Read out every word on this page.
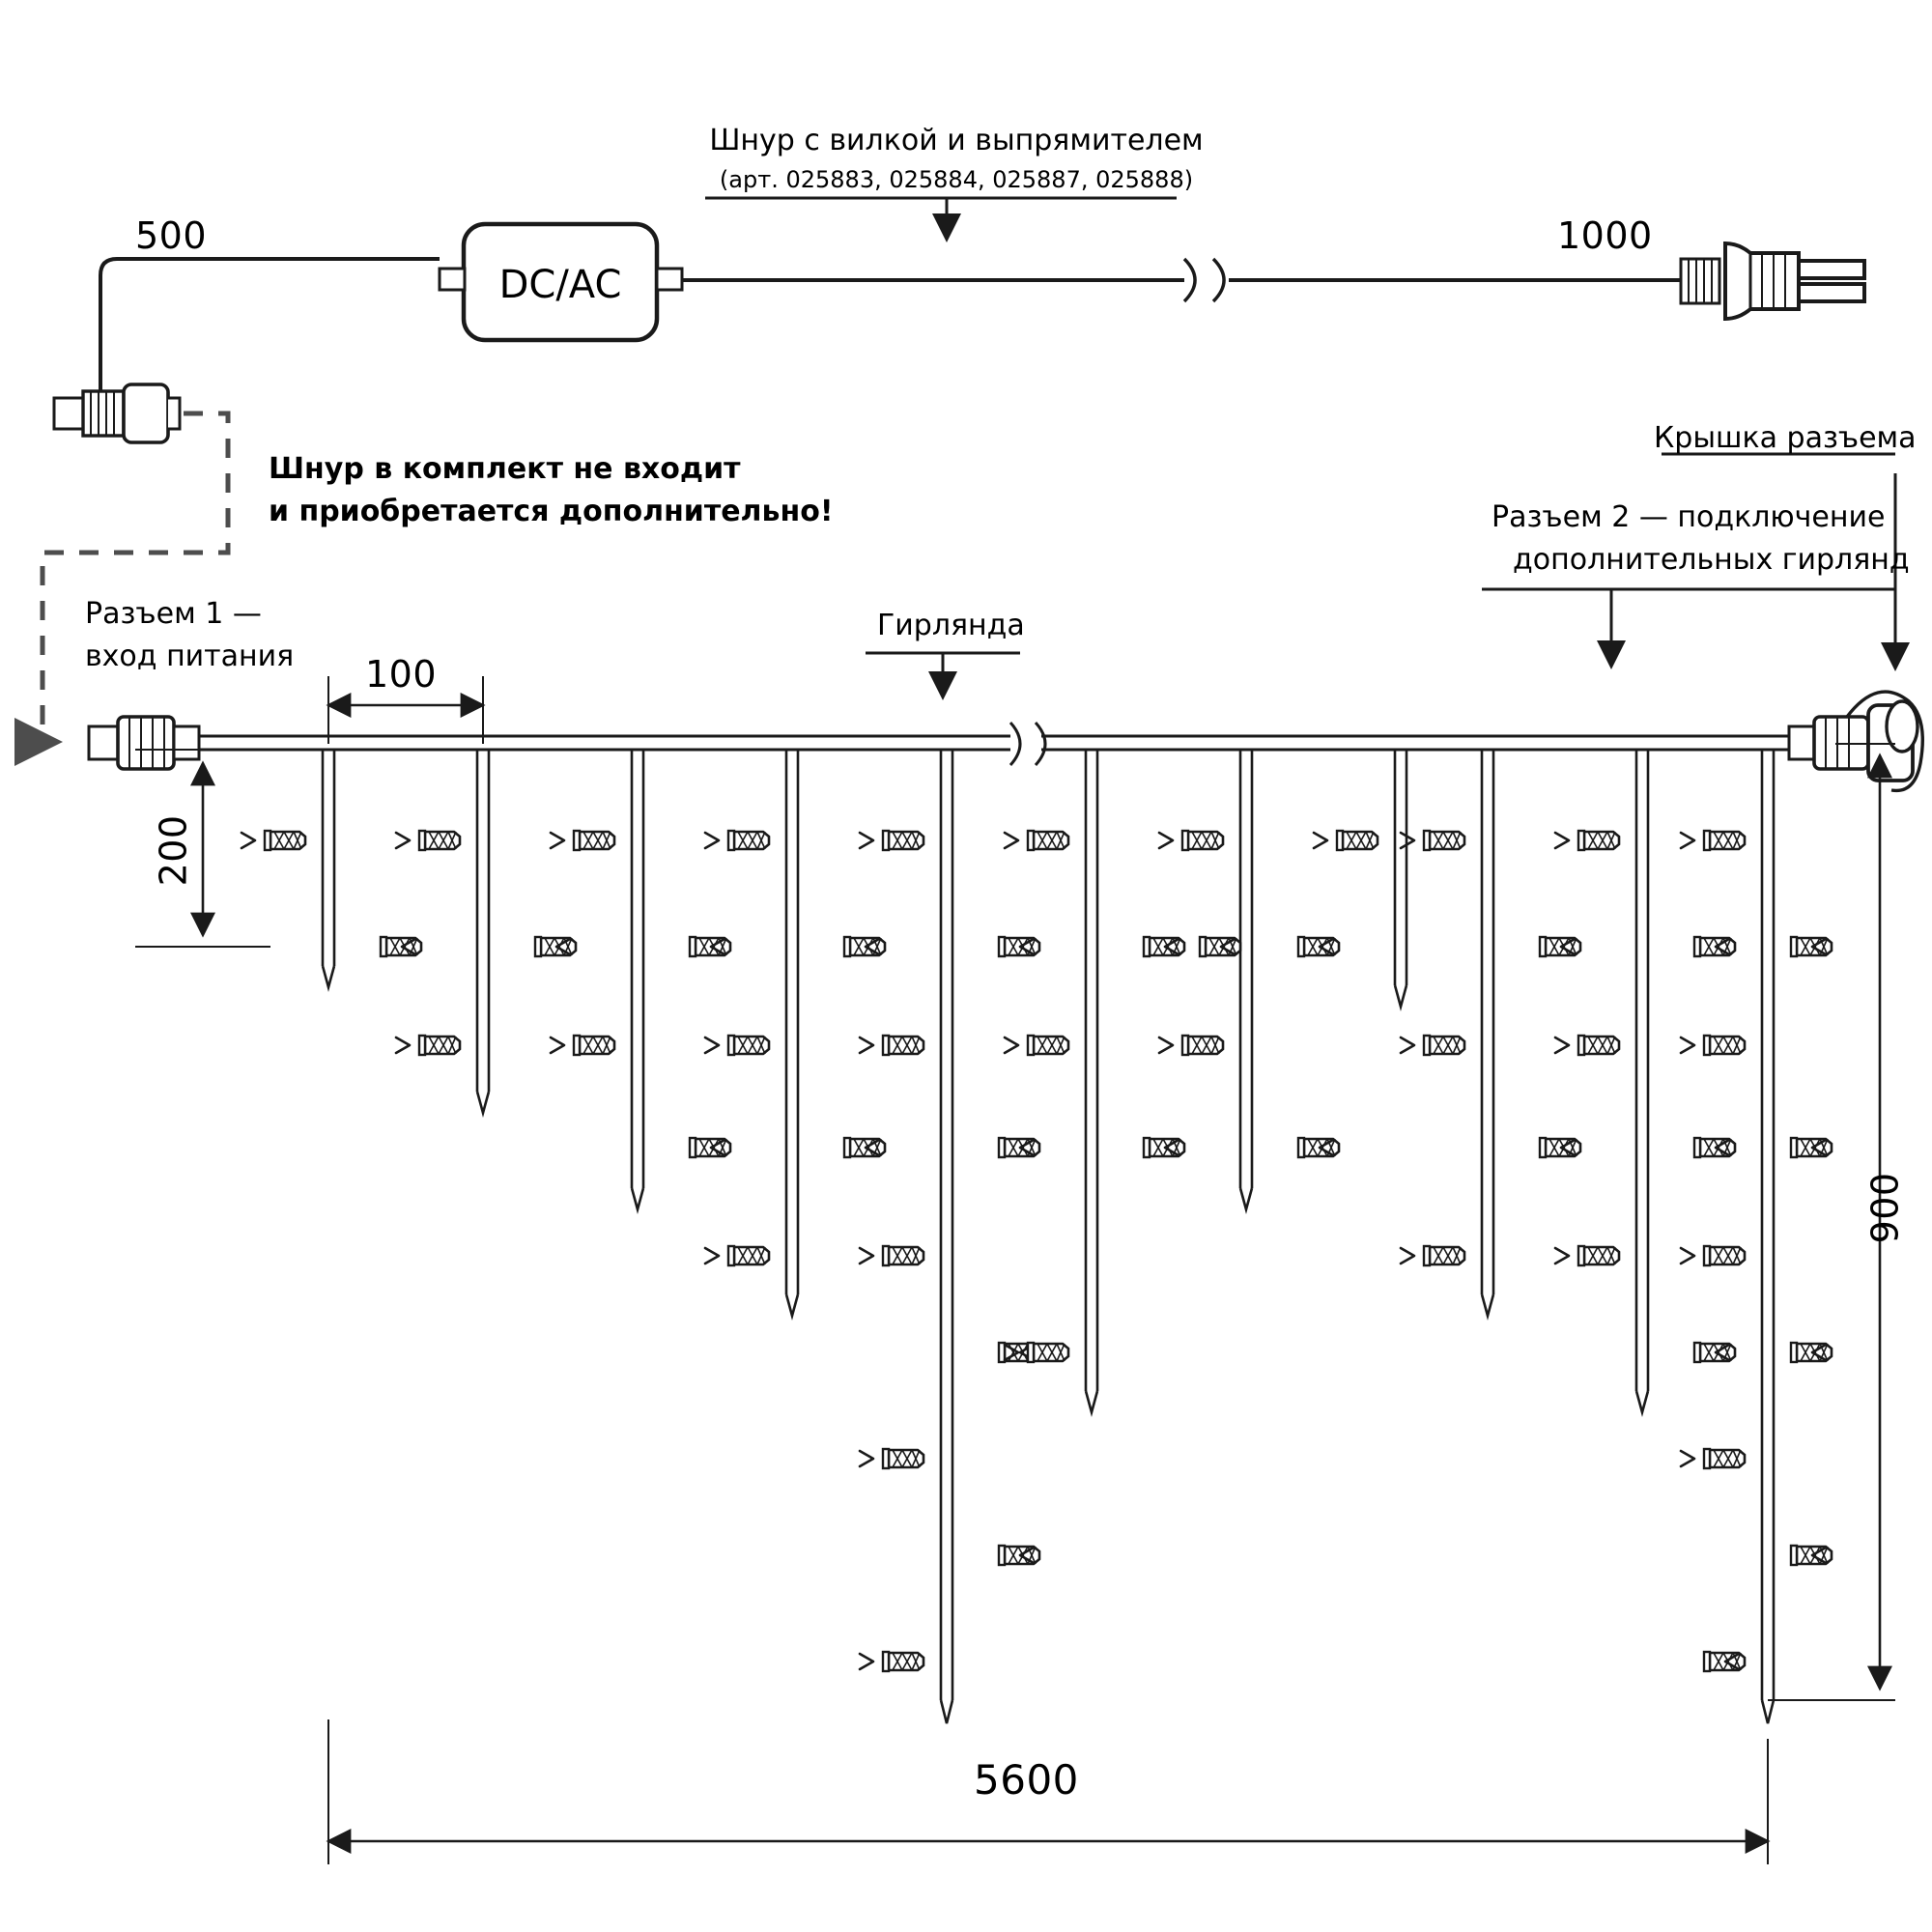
500	1000
Шнур с вилкой и выпрямителем
(арт. 025883, 025884, 025887, 025888)
DC/AC
Шнур в комплект не входит
и приобретается дополнительно!
Разъем 1 —
вход питания
Крышка разъема
Разъем 2 — подключение
дополнительных гирлянд
Гирлянда
100
200
900
5600
